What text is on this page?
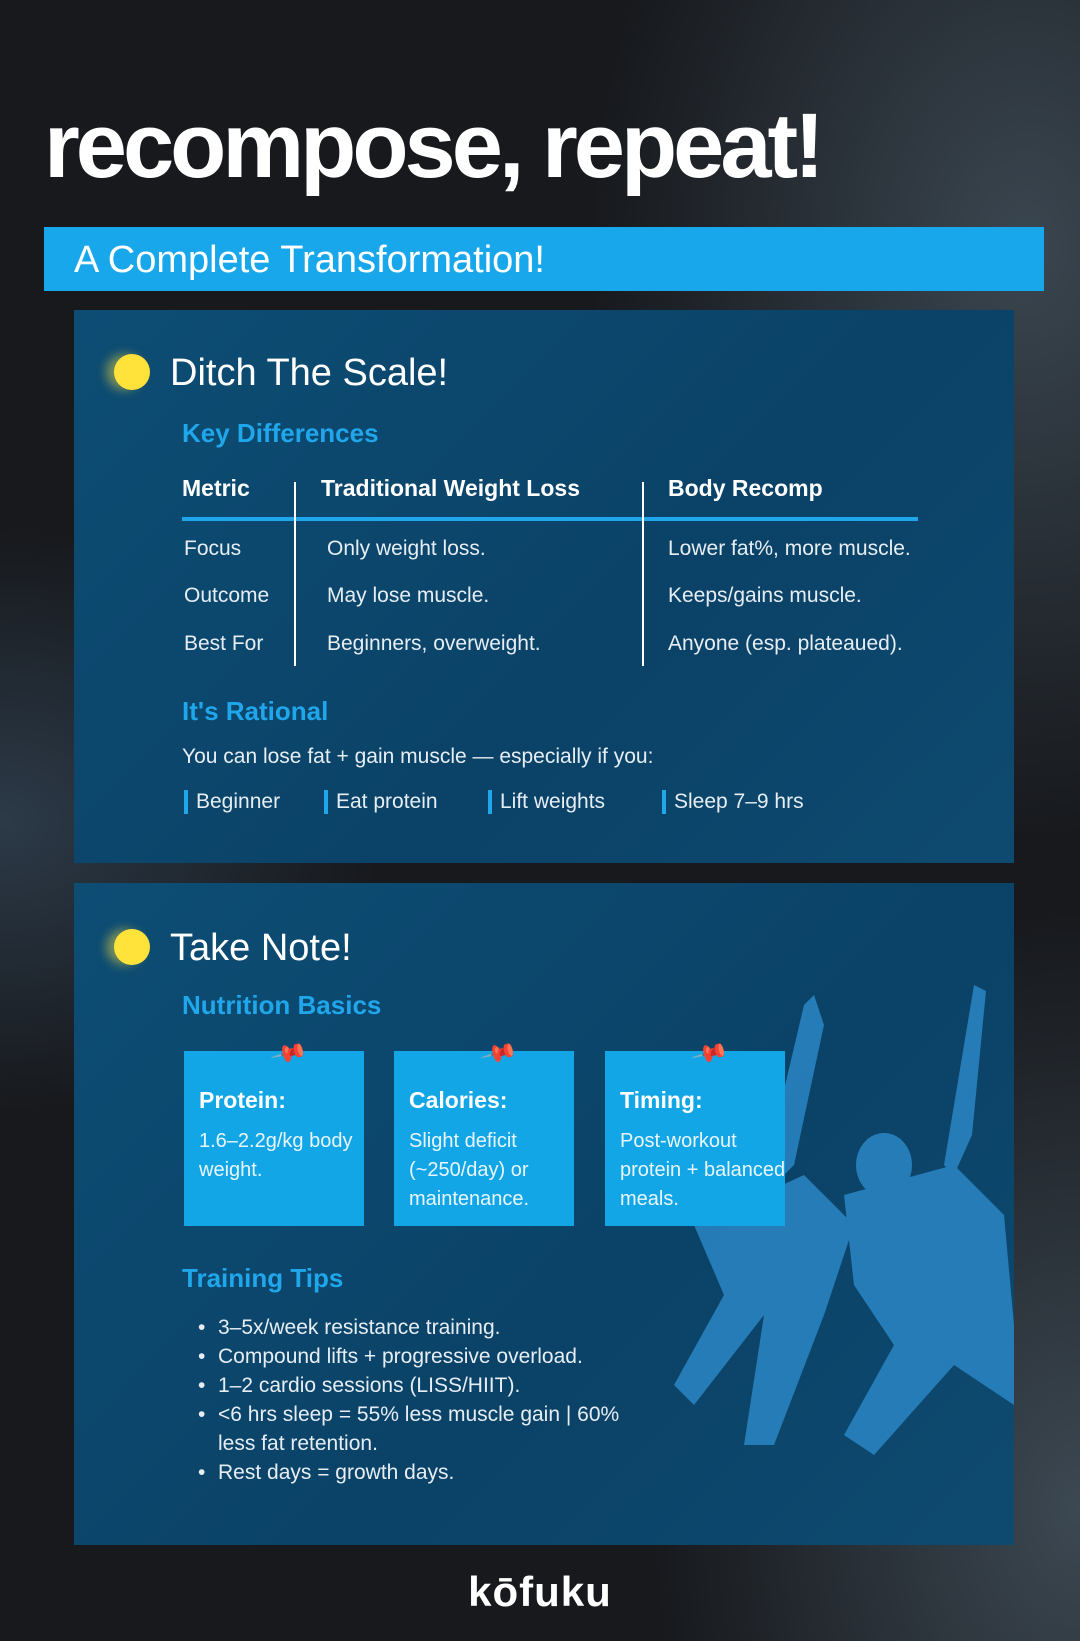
recompose, repeat!
A Complete Transformation!
Ditch The Scale!
Key Differences
Metric	Traditional Weight Loss	Body Recomp
Focus	Only weight loss.	Lower fat%, more muscle.
Outcome	May lose muscle.	Keeps/gains muscle.
Best For	Beginners, overweight.	Anyone (esp. plateaued).
It's Rational
You can lose fat + gain muscle — especially if you:
Beginner	Eat protein	Lift weights	Sleep 7–9 hrs
Take Note!
Nutrition Basics
📌
Protein:
1.6–2.2g/kg body weight.
📌
Calories:
Slight deficit (~250/day) or maintenance.
📌
Timing:
Post-workout protein + balanced meals.
Training Tips
• 3–5x/week resistance training.
• Compound lifts + progressive overload.
• 1–2 cardio sessions (LISS/HIIT).
• <6 hrs sleep = 55% less muscle gain | 60% less fat retention.
• Rest days = growth days.
kōfuku
